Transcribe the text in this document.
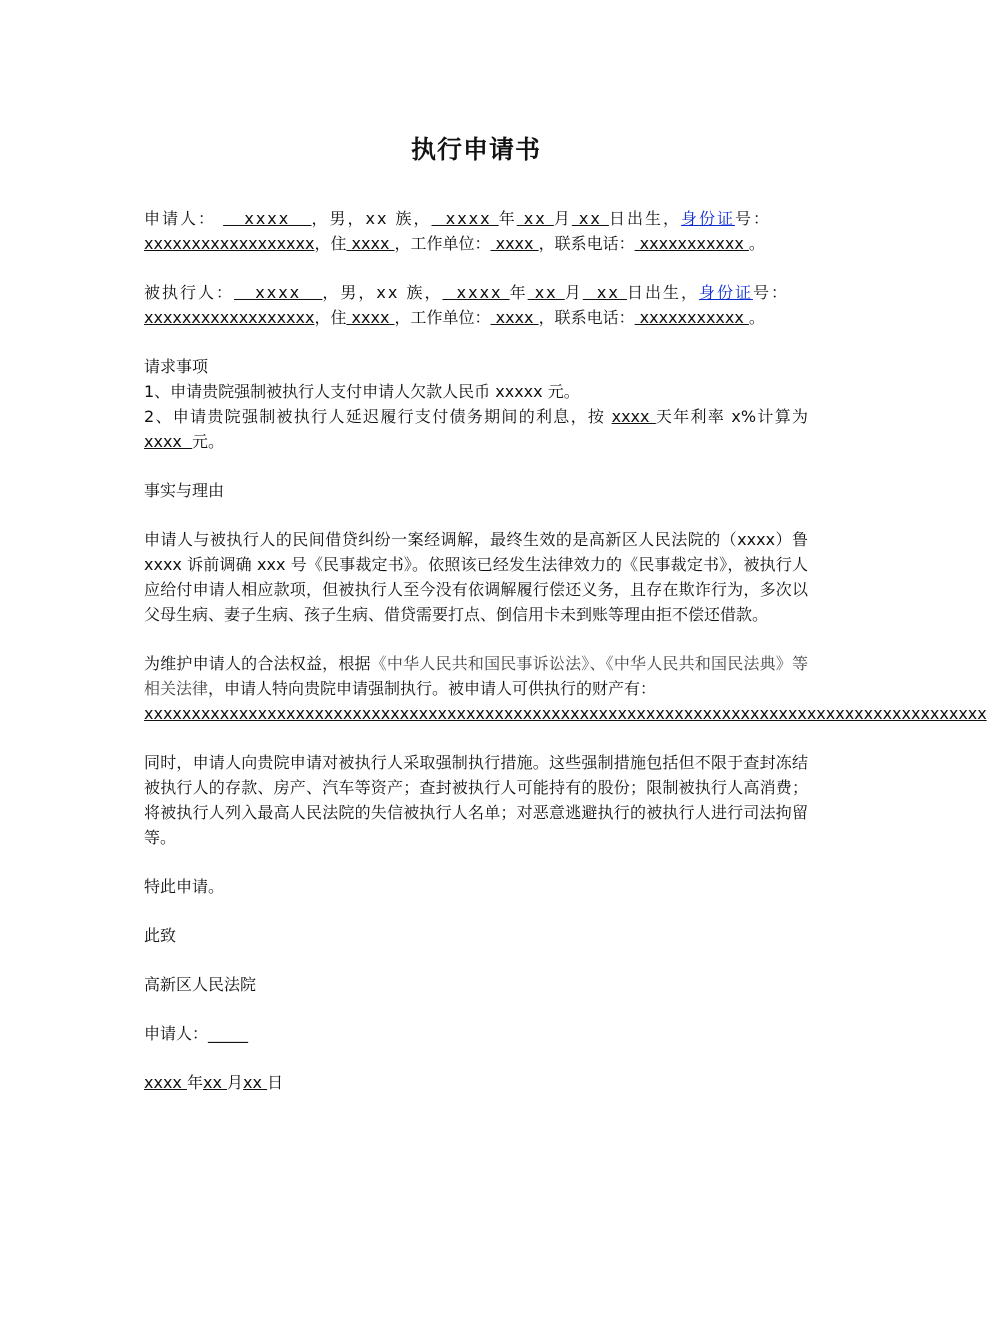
执行申请书
申请人：    xxxx   ，男，xx 族，  xxxx 年 xx 月 xx 日出生，身份证号：
xxxxxxxxxxxxxxxxxx，住 xxxx ，工作单位： xxxx ，联系电话： xxxxxxxxxxx 。
被执行人：   xxxx   ，男，xx 族，  xxxx 年 xx 月  xx 日出生，身份证号：
xxxxxxxxxxxxxxxxxx，住 xxxx ，工作单位： xxxx ，联系电话： xxxxxxxxxxx 。
请求事项
1、申请贵院强制被执行人支付申请人欠款人民币 xxxxx 元。
2、申请贵院强制被执行人延迟履行支付债务期间的利息，按 xxxx 天年利率 x%计算为xxxx  元。
事实与理由
申请人与被执行人的民间借贷纠纷一案经调解，最终生效的是高新区人民法院的（xxxx）鲁 xxxx 诉前调确 xxx 号《民事裁定书》。依照该已经发生法律效力的《民事裁定书》，被执行人应给付申请人相应款项，但被执行人至今没有依调解履行偿还义务，且存在欺诈行为，多次以父母生病、妻子生病、孩子生病、借贷需要打点、倒信用卡未到账等理由拒不偿还借款。
为维护申请人的合法权益，根据《中华人民共和国民事诉讼法》、《中华人民共和国民法典》等相关法律，申请人特向贵院申请强制执行。被申请人可供执行的财产有：
xxxxxxxxxxxxxxxxxxxxxxxxxxxxxxxxxxxxxxxxxxxxxxxxxxxxxxxxxxxxxxxxxxxxxxxxxxxxxxxxxxxxxxxxx
同时，申请人向贵院申请对被执行人采取强制执行措施。这些强制措施包括但不限于查封冻结被执行人的存款、房产、汽车等资产；查封被执行人可能持有的股份；限制被执行人高消费；将被执行人列入最高人民法院的失信被执行人名单；对恶意逃避执行的被执行人进行司法拘留等。
特此申请。
此致
高新区人民法院
申请人：_____
xxxx 年xx 月xx 日
